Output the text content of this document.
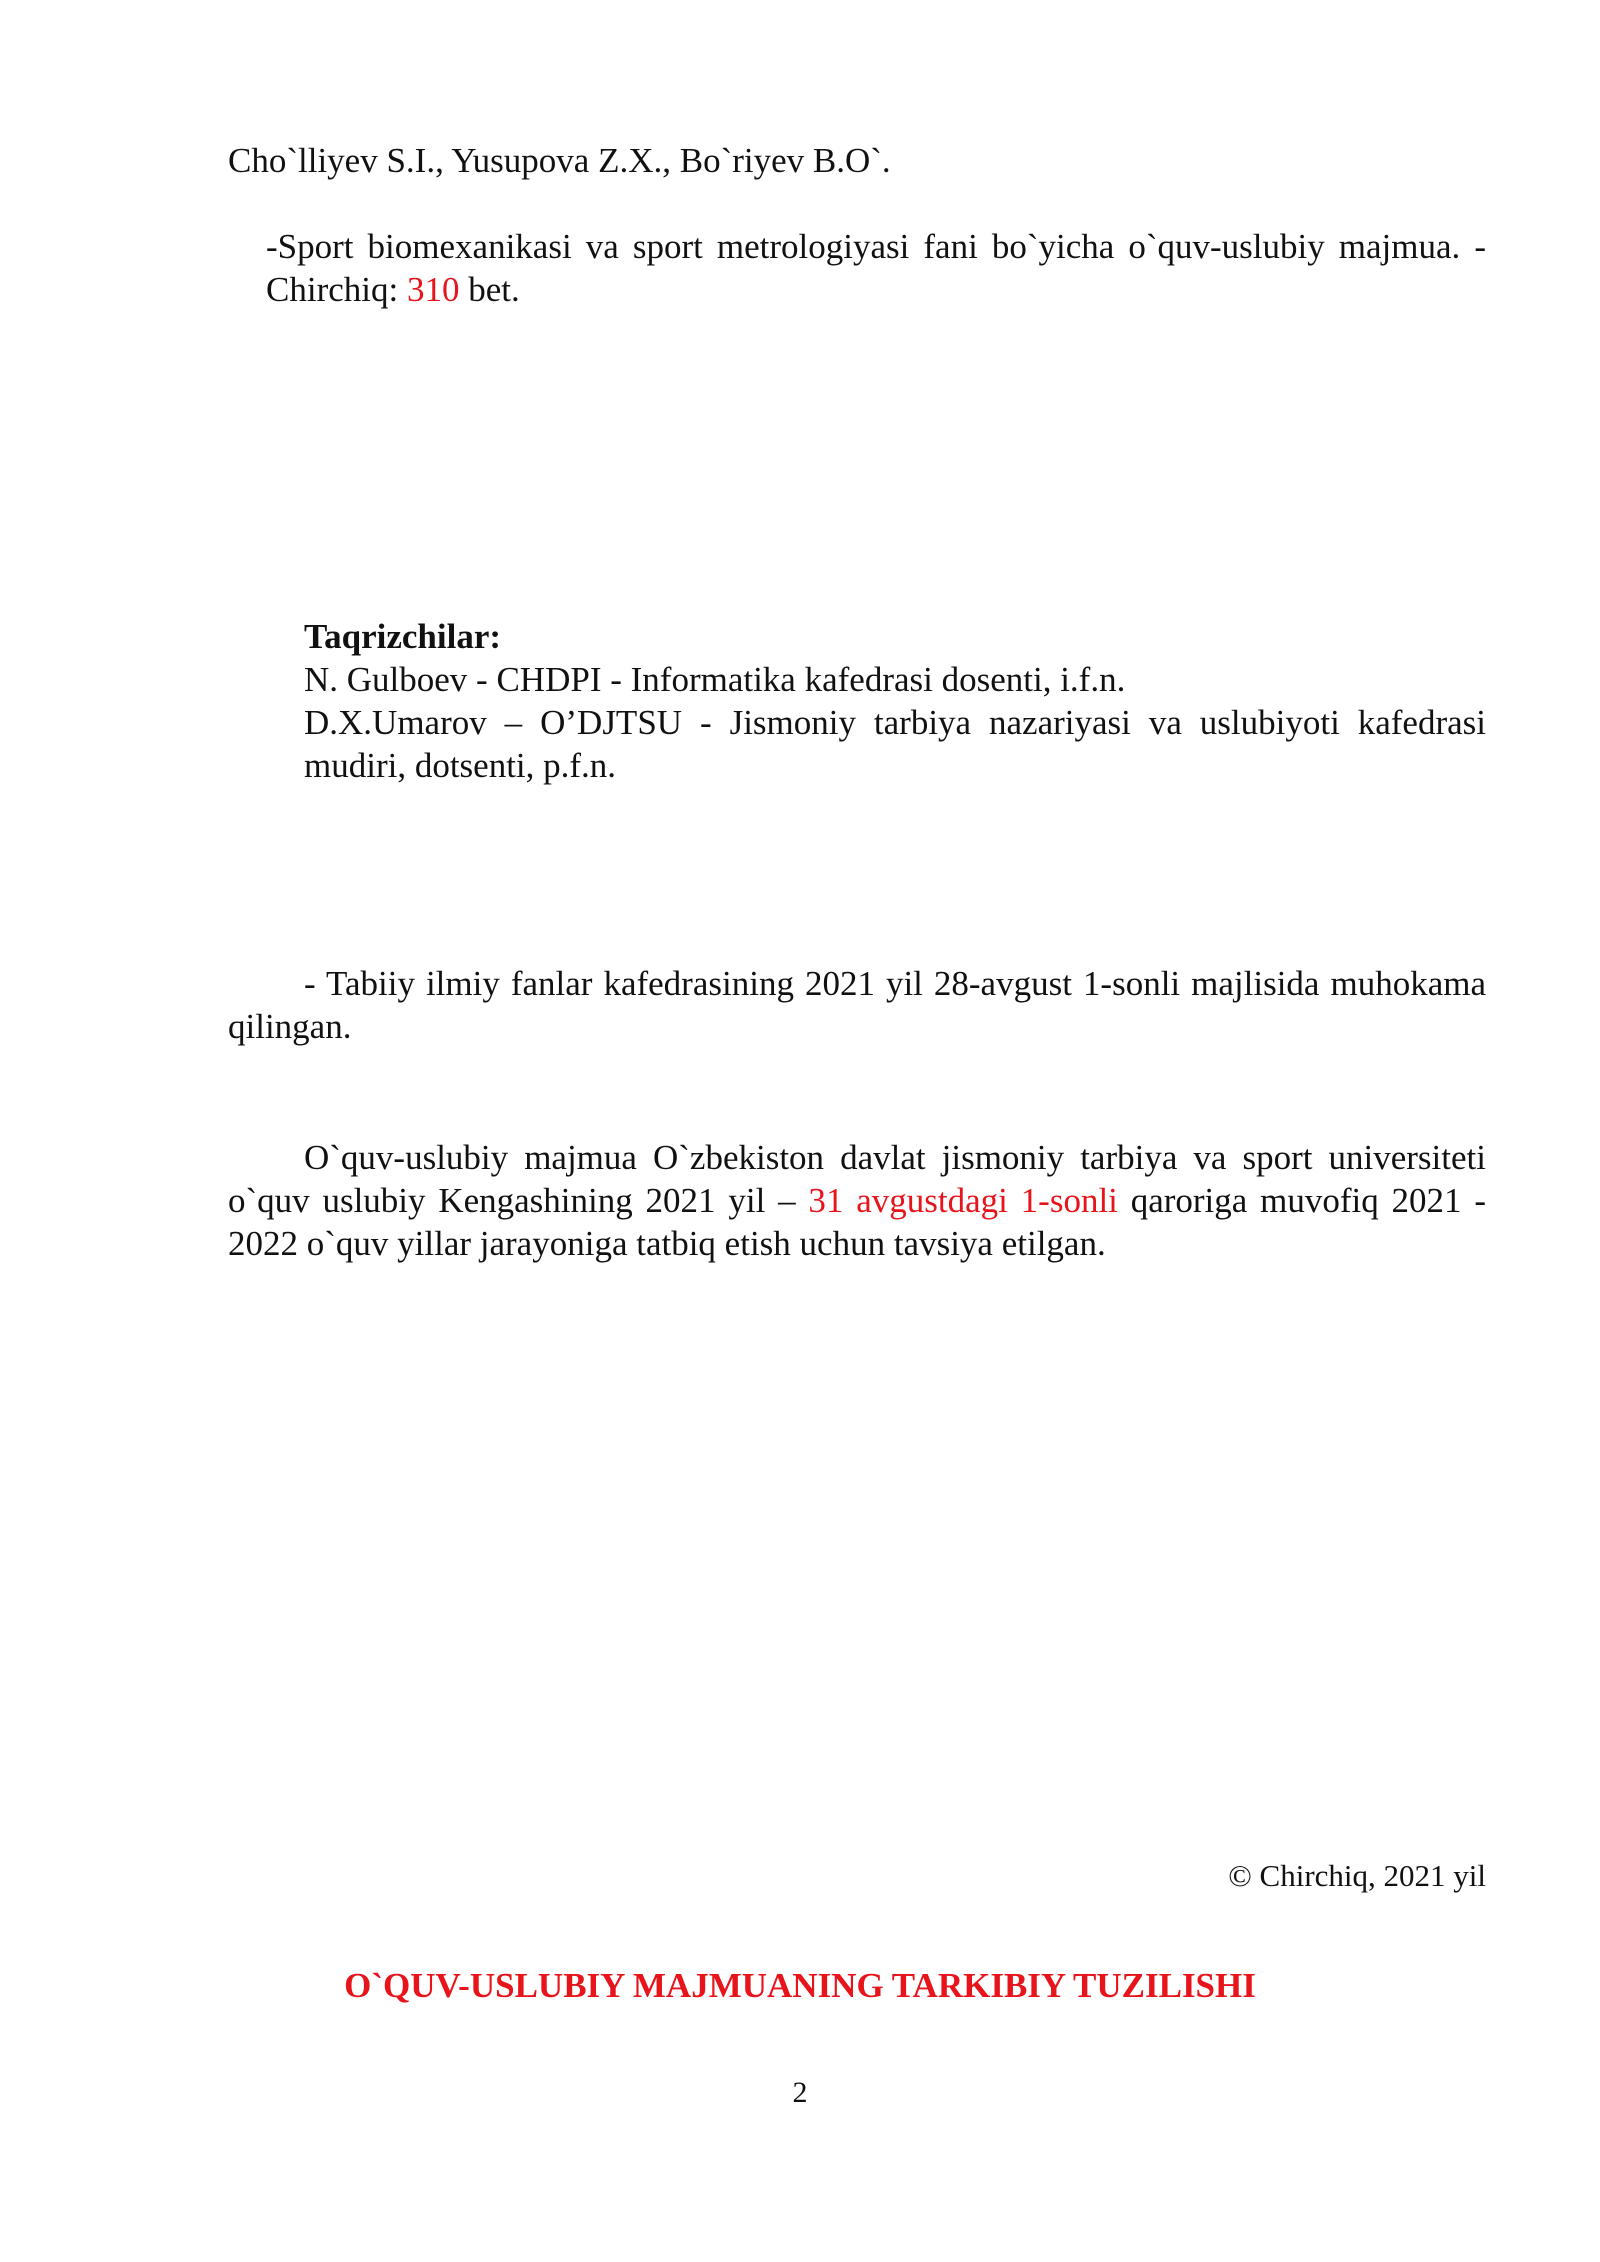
Cho`lliyev S.I., Yusupova Z.X., Bo`riyev B.O`.
-Sport biomexanikasi va sport metrologiyasi fani bo`yicha o`quv-uslubiy majmua. - Chirchiq: 310 bet.
Taqrizchilar:
N. Gulboev - CHDPI - Informatika kafedrasi dosenti, i.f.n.
D.X.Umarov – O’DJTSU - Jismoniy tarbiya nazariyasi va uslubiyoti kafedrasi mudiri, dotsenti, p.f.n.
- Tabiiy ilmiy fanlar kafedrasining 2021 yil 28-avgust 1-sonli majlisida muhokama qilingan.
O`quv-uslubiy majmua O`zbekiston davlat jismoniy tarbiya va sport universiteti o`quv uslubiy Kengashining 2021 yil – 31 avgustdagi 1-sonli qaroriga muvofiq 2021 - 2022 o`quv yillar jarayoniga tatbiq etish uchun tavsiya etilgan.
© Chirchiq, 2021 yil
O`QUV-USLUBIY MAJMUANING TARKIBIY TUZILISHI
2
